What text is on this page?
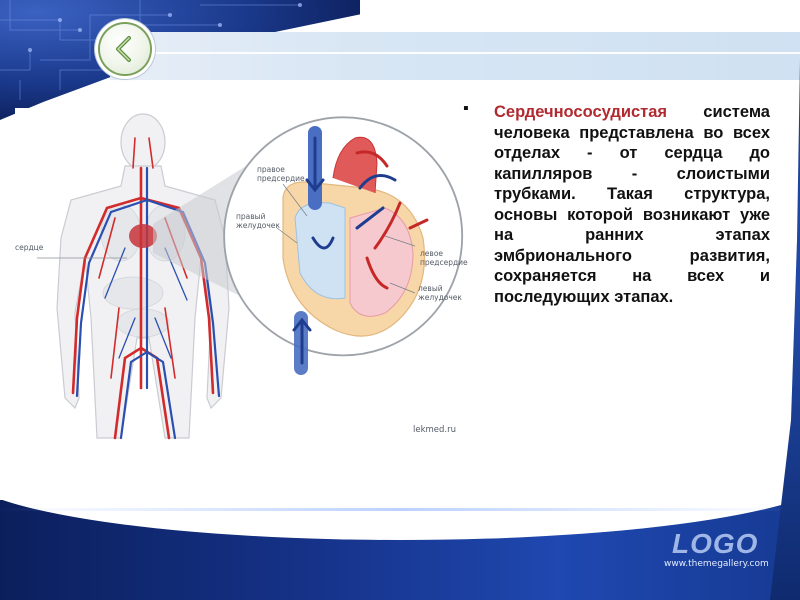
сердце
правое
предсердие
правый
желудочек
левое
предсердие
левый
желудочек
lekmed.ru
▪ Сердечнососудистая система человека представлена во всех отделах - от сердца до капилляров - слоистыми трубками. Такая структура, основы которой возникают уже на ранних этапах эмбрионального развития, сохраняется на всех и последующих этапах.
LOGO
www.themegallery.com
